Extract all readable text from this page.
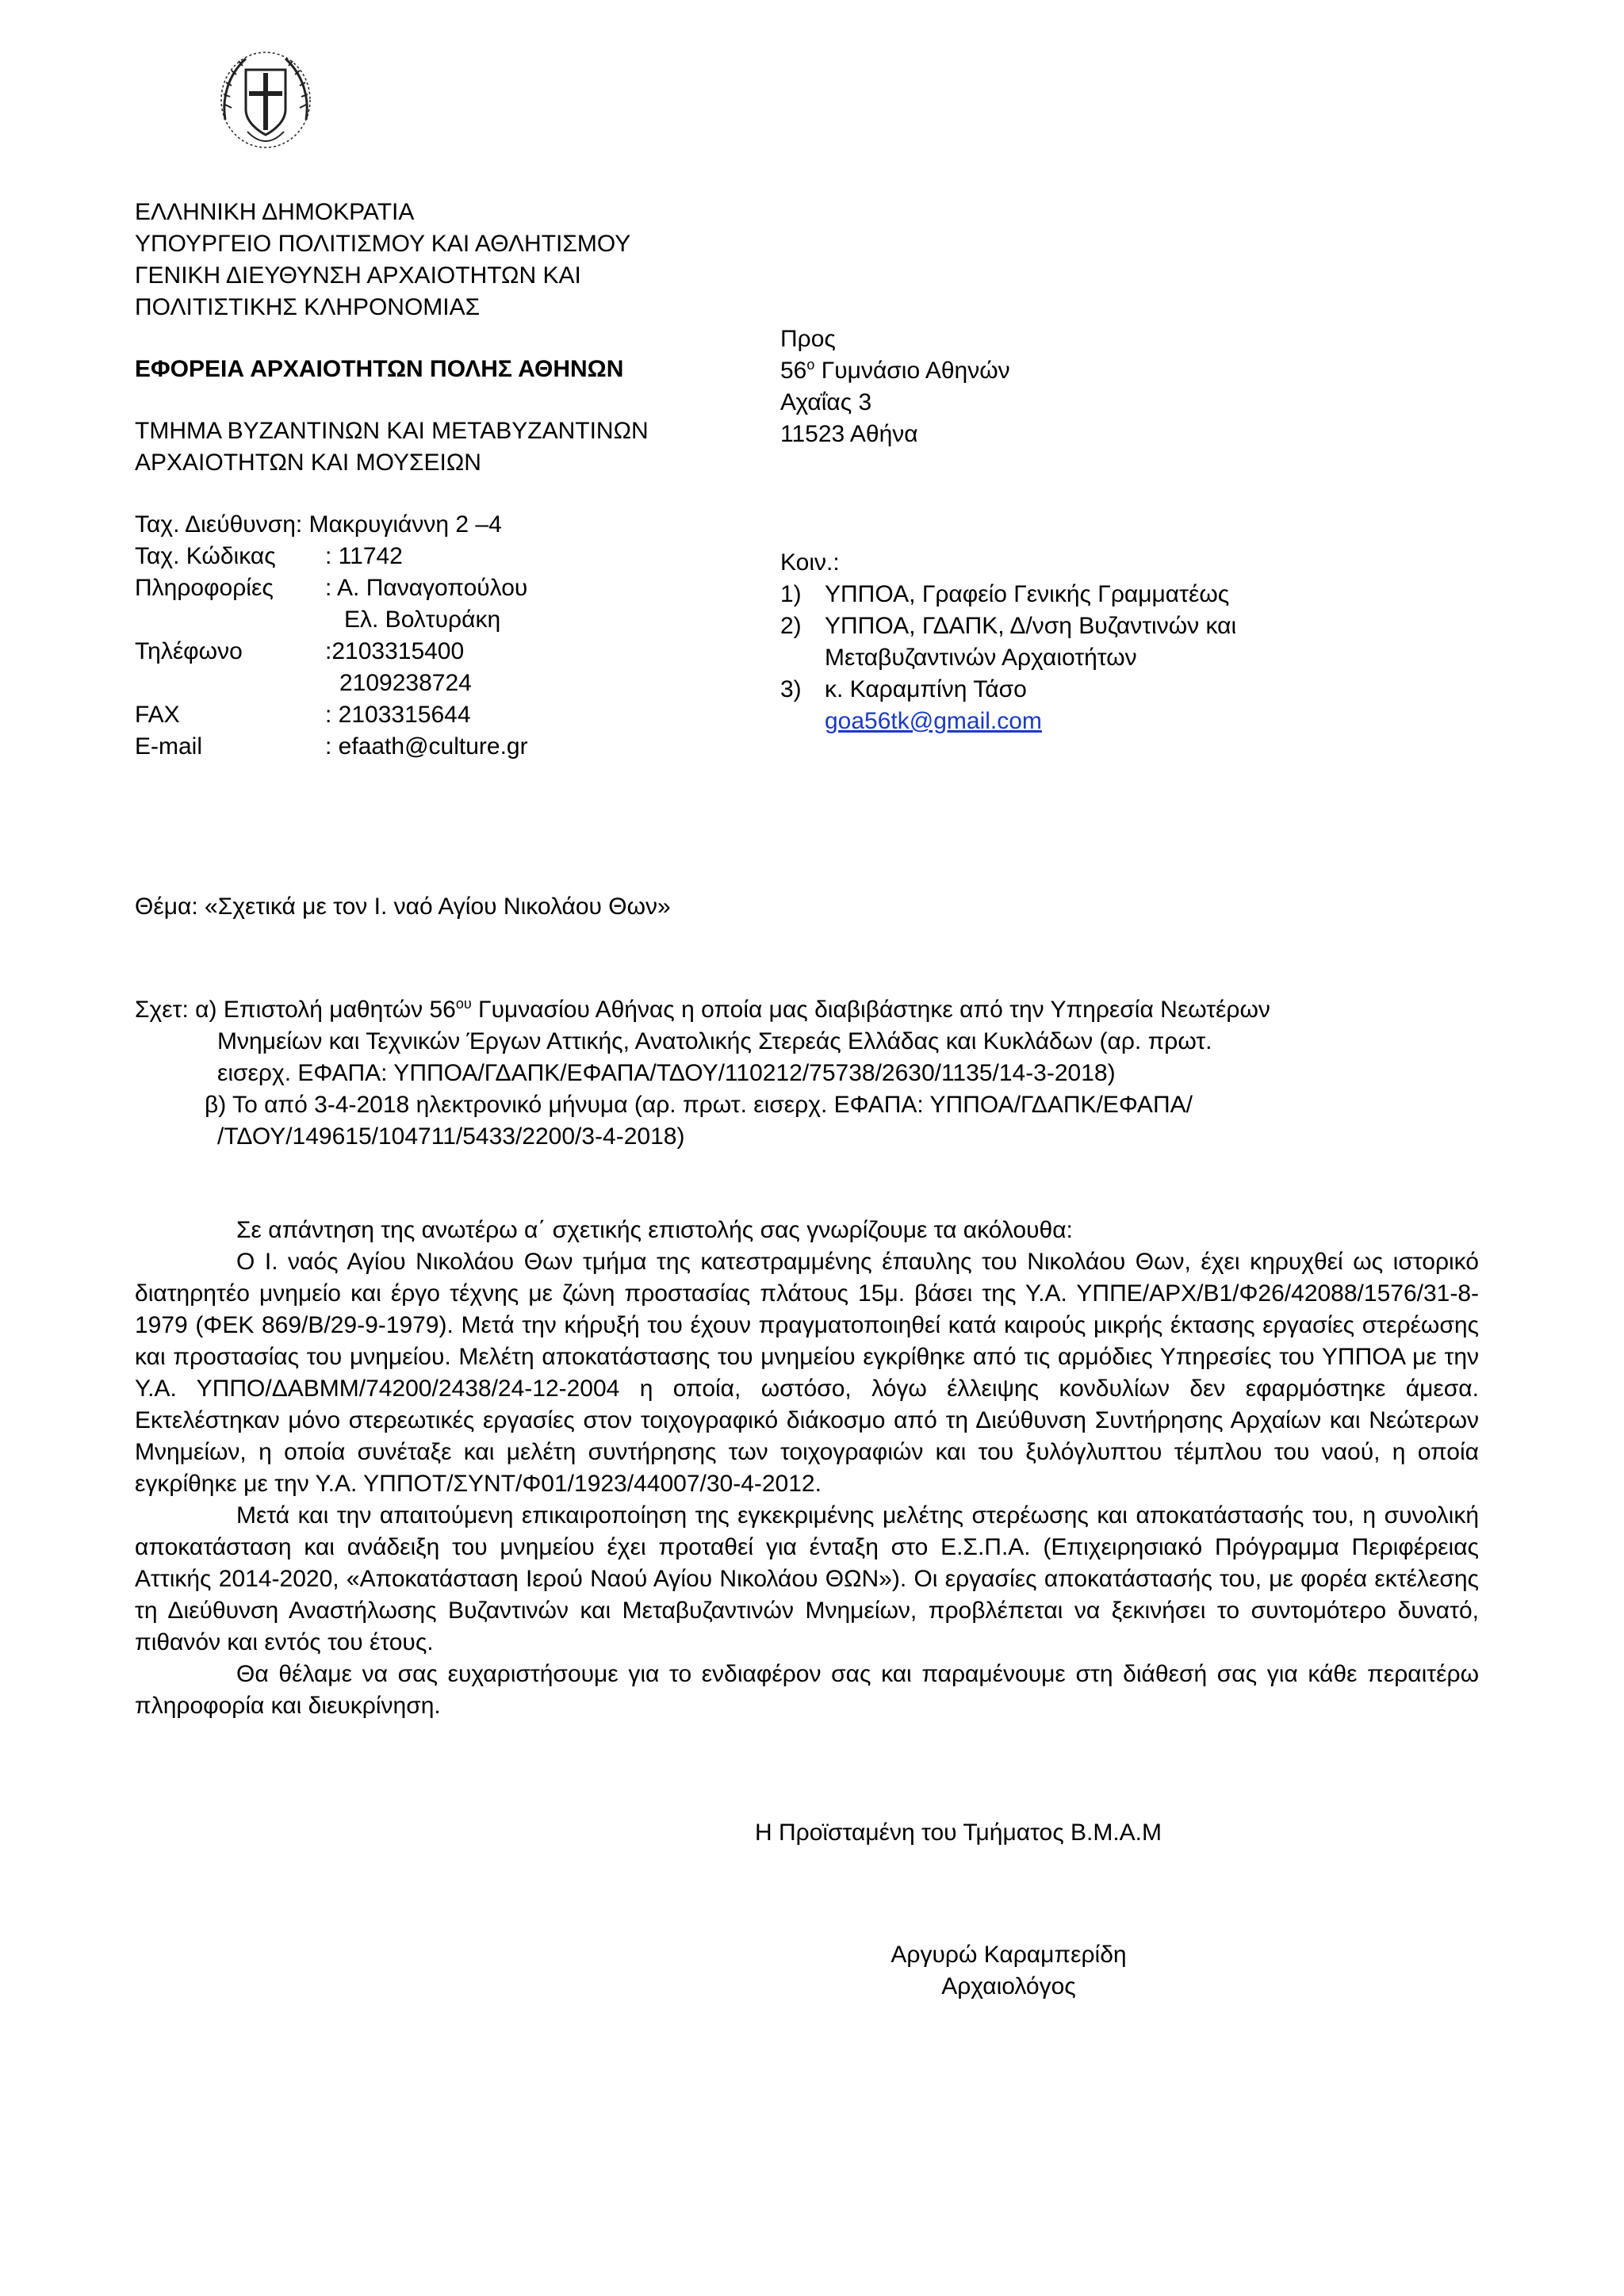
ΕΛΛΗΝΙΚΗ ΔΗΜΟΚΡΑΤΙΑ
ΥΠΟΥΡΓΕΙΟ ΠΟΛΙΤΙΣΜΟΥ ΚΑΙ ΑΘΛΗΤΙΣΜΟΥ
ΓΕΝΙΚΗ ΔΙΕΥΘΥΝΣΗ ΑΡΧΑΙΟΤΗΤΩΝ ΚΑΙ
ΠΟΛΙΤΙΣΤΙΚΗΣ ΚΛΗΡΟΝΟΜΙΑΣ
ΕΦΟΡΕΙΑ ΑΡΧΑΙΟΤΗΤΩΝ ΠΟΛΗΣ ΑΘΗΝΩΝ
ΤΜΗΜΑ ΒΥΖΑΝΤΙΝΩΝ ΚΑΙ ΜΕΤΑΒΥΖΑΝΤΙΝΩΝ
ΑΡΧΑΙΟΤΗΤΩΝ ΚΑΙ ΜΟΥΣΕΙΩΝ
Ταχ. Διεύθυνση: Μακρυγιάννη 2 –4
Ταχ. Κώδικας	: 11742
Πληροφορίες	: Α. Παναγοπούλου
Ελ. Βολτυράκη
Τηλέφωνο	:2103315400
2109238724
FAX	: 2103315644
E-mail	: efaath@culture.gr
Προς
$56^o$ Γυμνάσιο Αθηνών
Αχαΐας 3
11523 Αθήνα
Κοιν.:
1) ΥΠΠΟΑ, Γραφείο Γενικής Γραμματέως
2) ΥΠΠΟΑ, ΓΔΑΠΚ, Δ/νση Βυζαντινών και
Μεταβυζαντινών Αρχαιοτήτων
3) κ. Καραμπίνη Τάσο
goa56tk@gmail.com
Θέμα: «Σχετικά με τον Ι. ναό Αγίου Νικολάου Θων»
Σχετ: α) Επιστολή μαθητών $56^{o\upsilon}$ Γυμνασίου Αθήνας η οποία μας διαβιβάστηκε από την Υπηρεσία Νεωτέρων
Μνημείων και Τεχνικών Έργων Αττικής, Ανατολικής Στερεάς Ελλάδας και Κυκλάδων (αρ. πρωτ.
εισερχ. ΕΦΑΠΑ: ΥΠΠΟΑ/ΓΔΑΠΚ/ΕΦΑΠΑ/ΤΔΟΥ/110212/75738/2630/1135/14-3-2018)
β) Το από 3-4-2018 ηλεκτρονικό μήνυμα (αρ. πρωτ. εισερχ. ΕΦΑΠΑ: ΥΠΠΟΑ/ΓΔΑΠΚ/ΕΦΑΠΑ/
/ΤΔΟΥ/149615/104711/5433/2200/3-4-2018)

Σε απάντηση της ανωτέρω α΄ σχετικής επιστολής σας γνωρίζουμε τα ακόλουθα:

Ο Ι. ναός Αγίου Νικολάου Θων τμήμα της κατεστραμμένης έπαυλης του Νικολάου Θων, έχει κηρυχθεί ως ιστορικό διατηρητέο μνημείο και έργο τέχνης με ζώνη προστασίας πλάτους 15μ. βάσει της Υ.Α. ΥΠΠΕ/ΑΡΧ/Β1/Φ26/42088/1576/31-8-1979 (ΦΕΚ 869/Β/29-9-1979). Μετά την κήρυξή του έχουν πραγματοποιηθεί κατά καιρούς μικρής έκτασης εργασίες στερέωσης και προστασίας του μνημείου. Μελέτη αποκατάστασης του μνημείου εγκρίθηκε από τις αρμόδιες Υπηρεσίες του ΥΠΠΟΑ με την Υ.Α. ΥΠΠΟ/ΔΑΒΜΜ/74200/2438/24-12-2004 η οποία, ωστόσο, λόγω έλλειψης κονδυλίων δεν εφαρμόστηκε άμεσα. Εκτελέστηκαν μόνο στερεωτικές εργασίες στον τοιχογραφικό διάκοσμο από τη Διεύθυνση Συντήρησης Αρχαίων και Νεώτερων Μνημείων, η οποία συνέταξε και μελέτη συντήρησης των τοιχογραφιών και του ξυλόγλυπτου τέμπλου του ναού, η οποία εγκρίθηκε με την Υ.Α. ΥΠΠΟΤ/ΣΥΝΤ/Φ01/1923/44007/30-4-2012.

Μετά και την απαιτούμενη επικαιροποίηση της εγκεκριμένης μελέτης στερέωσης και αποκατάστασής του, η συνολική αποκατάσταση και ανάδειξη του μνημείου έχει προταθεί για ένταξη στο Ε.Σ.Π.Α. (Επιχειρησιακό Πρόγραμμα Περιφέρειας Αττικής 2014-2020, «Αποκατάσταση Ιερού Ναού Αγίου Νικολάου ΘΩΝ»). Οι εργασίες αποκατάστασής του, με φορέα εκτέλεσης τη Διεύθυνση Αναστήλωσης Βυζαντινών και Μεταβυζαντινών Μνημείων, προβλέπεται να ξεκινήσει το συντομότερο δυνατό, πιθανόν και εντός του έτους.

Θα θέλαμε να σας ευχαριστήσουμε για το ενδιαφέρον σας και παραμένουμε στη διάθεσή σας για κάθε περαιτέρω πληροφορία και διευκρίνηση.

Η Προϊσταμένη του Τμήματος Β.Μ.Α.Μ
Αργυρώ Καραμπερίδη
Αρχαιολόγος
